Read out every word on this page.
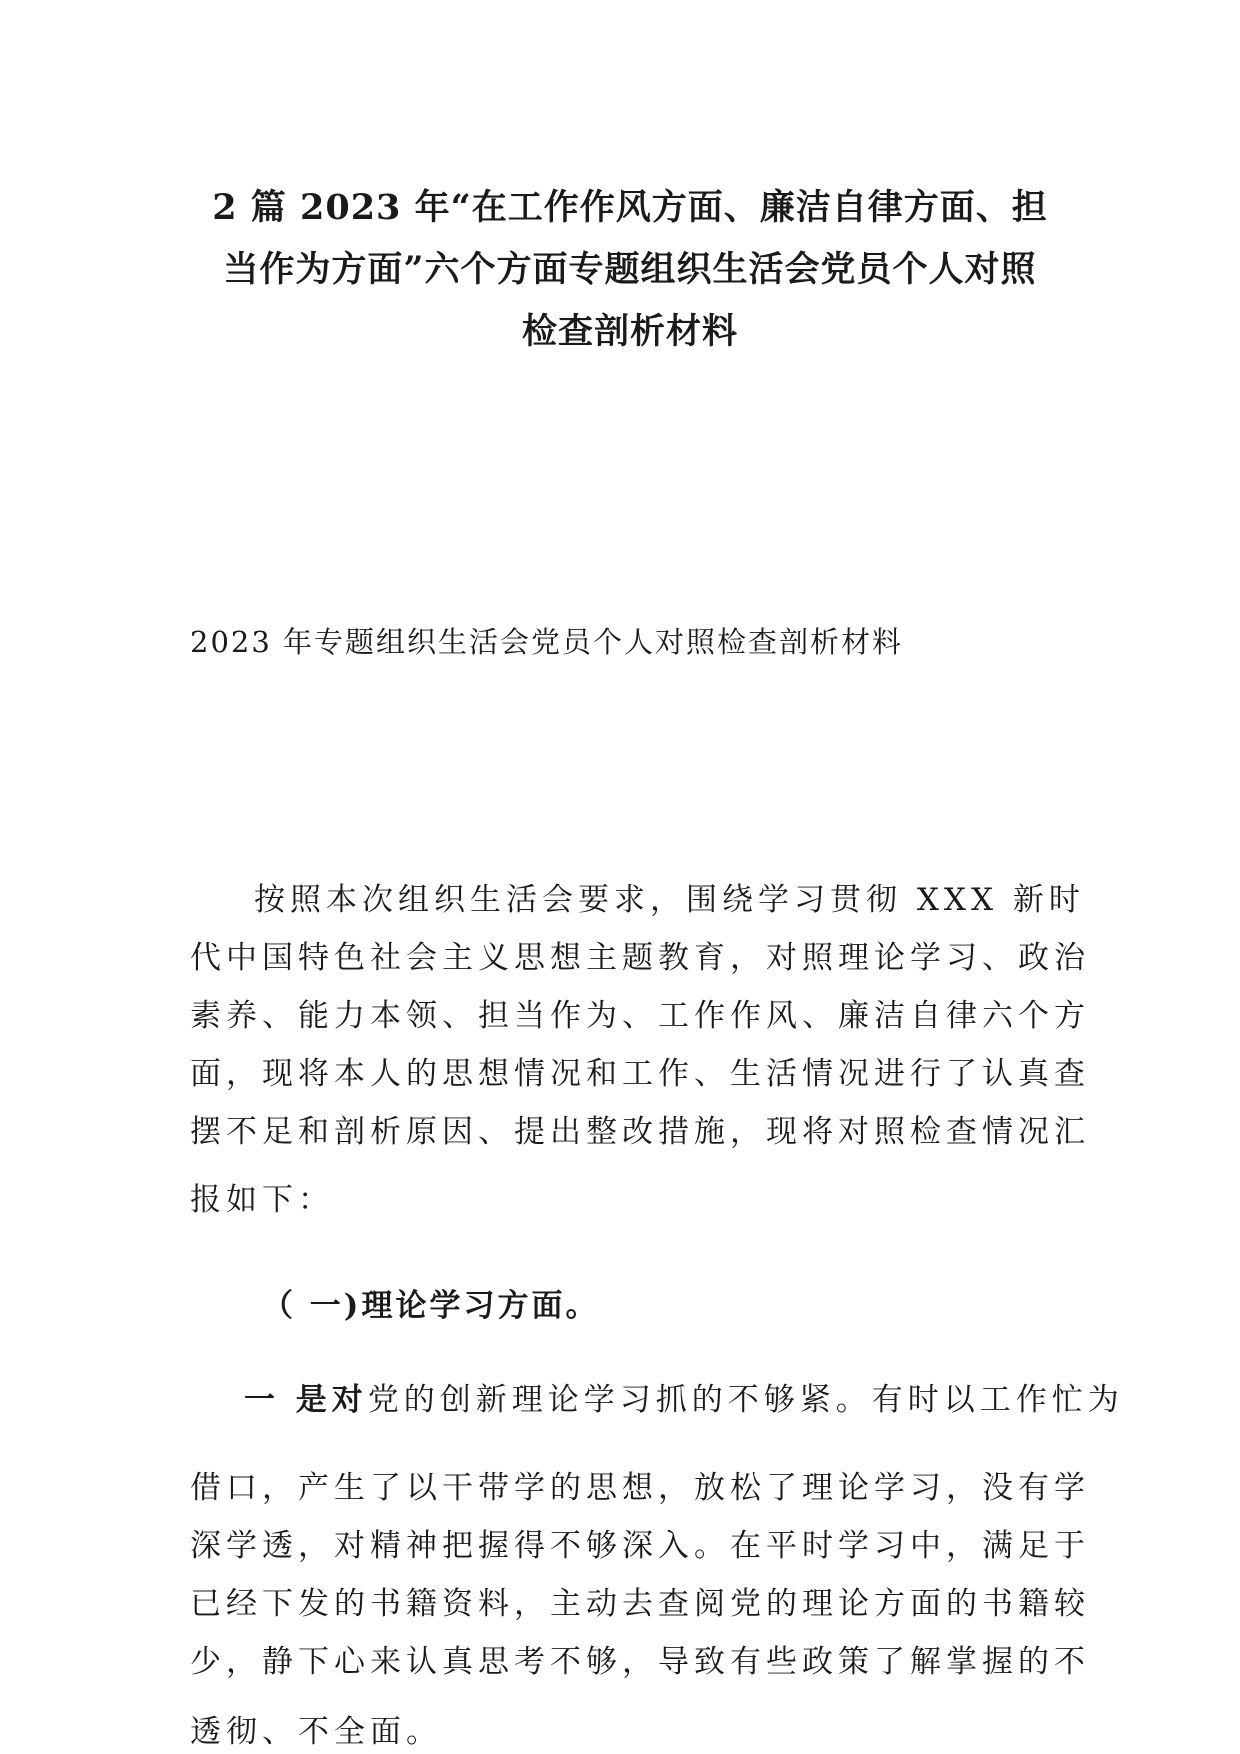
2 篇 2023 年“在工作作风方面、廉洁自律方面、担
当作为方面”六个方面专题组织生活会党员个人对照
检查剖析材料
2023 年专题组织生活会党员个人对照检查剖析材料
按照本次组织生活会要求，围绕学习贯彻 XXX 新时
代中国特色社会主义思想主题教育，对照理论学习、政治
素养、能力本领、担当作为、工作作风、廉洁自律六个方
面，现将本人的思想情况和工作、生活情况进行了认真查
摆不足和剖析原因、提出整改措施，现将对照检查情况汇
报如下：
（ 一)理论学习方面。
一 是对党的创新理论学习抓的不够紧。有时以工作忙为
借口，产生了以干带学的思想，放松了理论学习，没有学
深学透，对精神把握得不够深入。在平时学习中，满足于
已经下发的书籍资料，主动去查阅党的理论方面的书籍较
少，静下心来认真思考不够，导致有些政策了解掌握的不
透彻、不全面。
